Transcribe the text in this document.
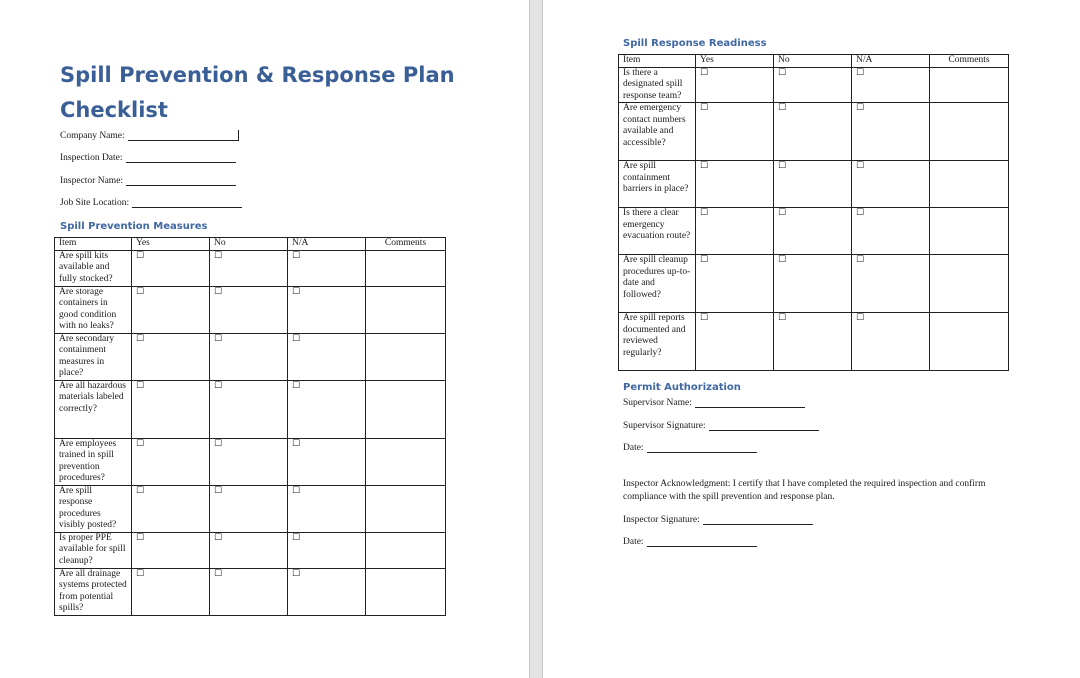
Spill Prevention & Response Plan Checklist
Company Name:
Inspection Date:
Inspector Name:
Job Site Location:
Spill Prevention Measures
Item	Yes	No	N/A	Comments
Are spill kits available and fully stocked?	☐	☐	☐	
Are storage containers in good condition with no leaks?	☐	☐	☐	
Are secondary containment measures in place?	☐	☐	☐	
Are all hazardous materials labeled correctly?	☐	☐	☐	
Are employees trained in spill prevention procedures?	☐	☐	☐	
Are spill response procedures visibly posted?	☐	☐	☐	
Is proper PPE available for spill cleanup?	☐	☐	☐	
Are all drainage systems protected from potential spills?	☐	☐	☐	
Spill Response Readiness
Item	Yes	No	N/A	Comments
Is there a designated spill response team?	☐	☐	☐	
Are emergency contact numbers available and accessible?	☐	☐	☐	
Are spill containment barriers in place?	☐	☐	☐	
Is there a clear emergency evacuation route?	☐	☐	☐	
Are spill cleanup procedures up-to-date and followed?	☐	☐	☐	
Are spill reports documented and reviewed regularly?	☐	☐	☐	
Permit Authorization
Supervisor Name:
Supervisor Signature:
Date:

Inspector Acknowledgment: I certify that I have completed the required inspection and confirm compliance with the spill prevention and response plan.

Inspector Signature:
Date:
